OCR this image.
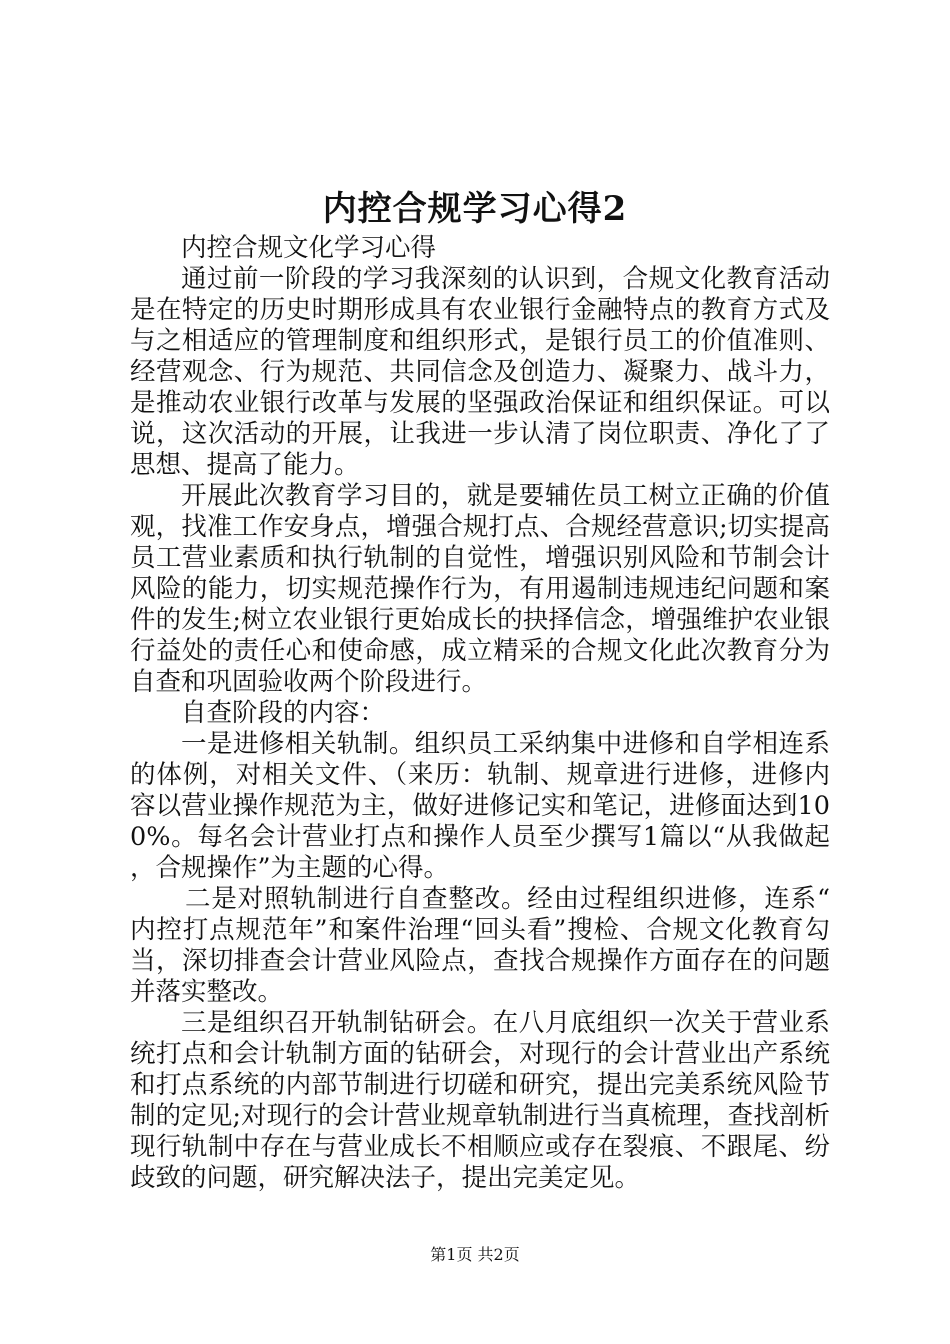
内控合规学习心得2

内控合规文化学习心得

通过前一阶段的学习我深刻的认识到，合规文化教育活动是在特定的历史时期形成具有农业银行金融特点的教育方式及与之相适应的管理制度和组织形式，是银行员工的价值准则、经营观念、行为规范、共同信念及创造力、凝聚力、战斗力，是推动农业银行改革与发展的坚强政治保证和组织保证。可以说，这次活动的开展，让我进一步认清了岗位职责、净化了了思想、提高了能力。

开展此次教育学习目的，就是要辅佐员工树立正确的价值观，找准工作安身点，增强合规打点、合规经营意识;切实提高员工营业素质和执行轨制的自觉性，增强识别风险和节制会计风险的能力，切实规范操作行为，有用遏制违规违纪问题和案件的发生;树立农业银行更始成长的抉择信念，增强维护农业银行益处的责任心和使命感，成立精采的合规文化此次教育分为自查和巩固验收两个阶段进行。

自查阶段的内容：

一是进修相关轨制。组织员工采纳集中进修和自学相连系的体例，对相关文件、（来历：轨制、规章进行进修，进修内容以营业操作规范为主，做好进修记实和笔记，进修面达到100%。每名会计营业打点和操作人员至少撰写1篇以“从我做起，合规操作”为主题的心得。

二是对照轨制进行自查整改。经由过程组织进修，连系“内控打点规范年”和案件治理“回头看”搜检、合规文化教育勾当，深切排查会计营业风险点，查找合规操作方面存在的问题并落实整改。

三是组织召开轨制钻研会。在八月底组织一次关于营业系统打点和会计轨制方面的钻研会，对现行的会计营业出产系统和打点系统的内部节制进行切磋和研究，提出完美系统风险节制的定见;对现行的会计营业规章轨制进行当真梳理，查找剖析现行轨制中存在与营业成长不相顺应或存在裂痕、不跟尾、纷歧致的问题，研究解决法子，提出完美定见。

第1页 共2页
